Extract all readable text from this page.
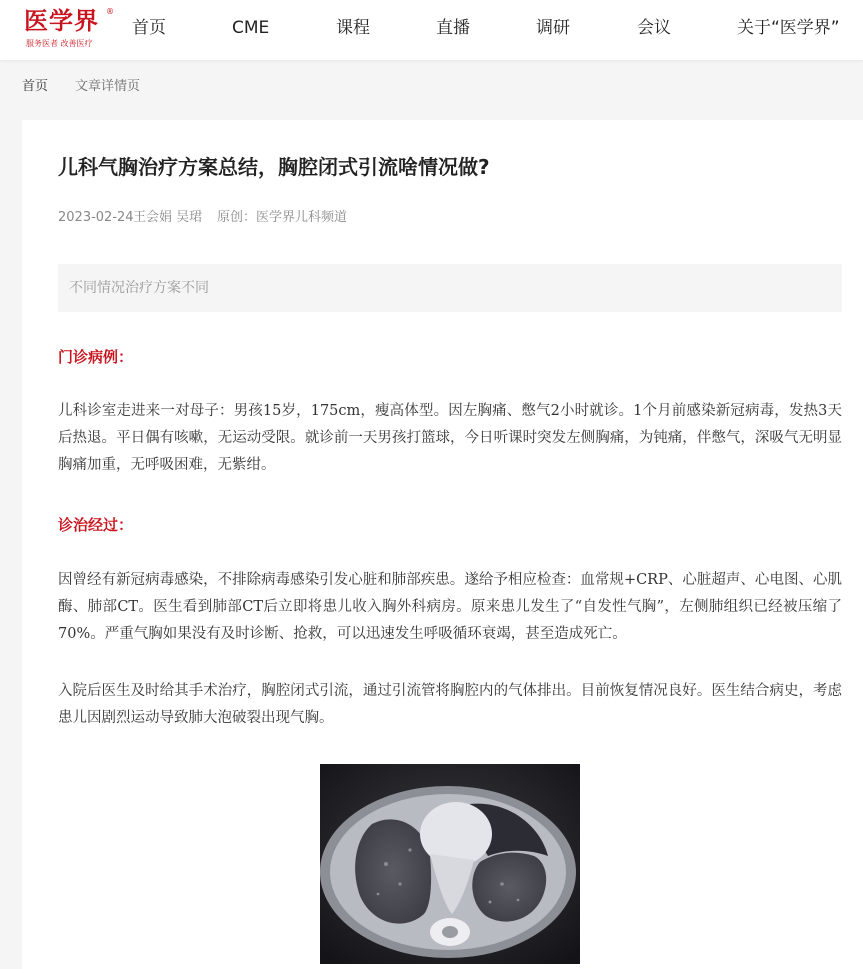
医学界 ®
服务医者 改善医疗
首页	CME	课程	直播	调研	会议	关于“医学界”
首页 文章详情页
儿科气胸治疗方案总结，胸腔闭式引流啥情况做?
2023-02-24 王会娟 吴珺 原创：医学界儿科频道
不同情况治疗方案不同
门诊病例：

儿科诊室走进来一对母子：男孩15岁，175cm，瘦高体型。因左胸痛、憋气2小时就诊。1个月前感染新冠病毒，发热3天后热退。平日偶有咳嗽，无运动受限。就诊前一天男孩打篮球，今日听课时突发左侧胸痛，为钝痛，伴憋气，深吸气无明显胸痛加重，无呼吸困难，无紫绀。

诊治经过：

因曾经有新冠病毒感染，不排除病毒感染引发心脏和肺部疾患。遂给予相应检查：血常规+CRP、心脏超声、心电图、心肌酶、肺部CT。医生看到肺部CT后立即将患儿收入胸外科病房。原来患儿发生了“自发性气胸”，左侧肺组织已经被压缩了70%。严重气胸如果没有及时诊断、抢救，可以迅速发生呼吸循环衰竭，甚至造成死亡。

入院后医生及时给其手术治疗，胸腔闭式引流，通过引流管将胸腔内的气体排出。目前恢复情况良好。医生结合病史，考虑患儿因剧烈运动导致肺大泡破裂出现气胸。
